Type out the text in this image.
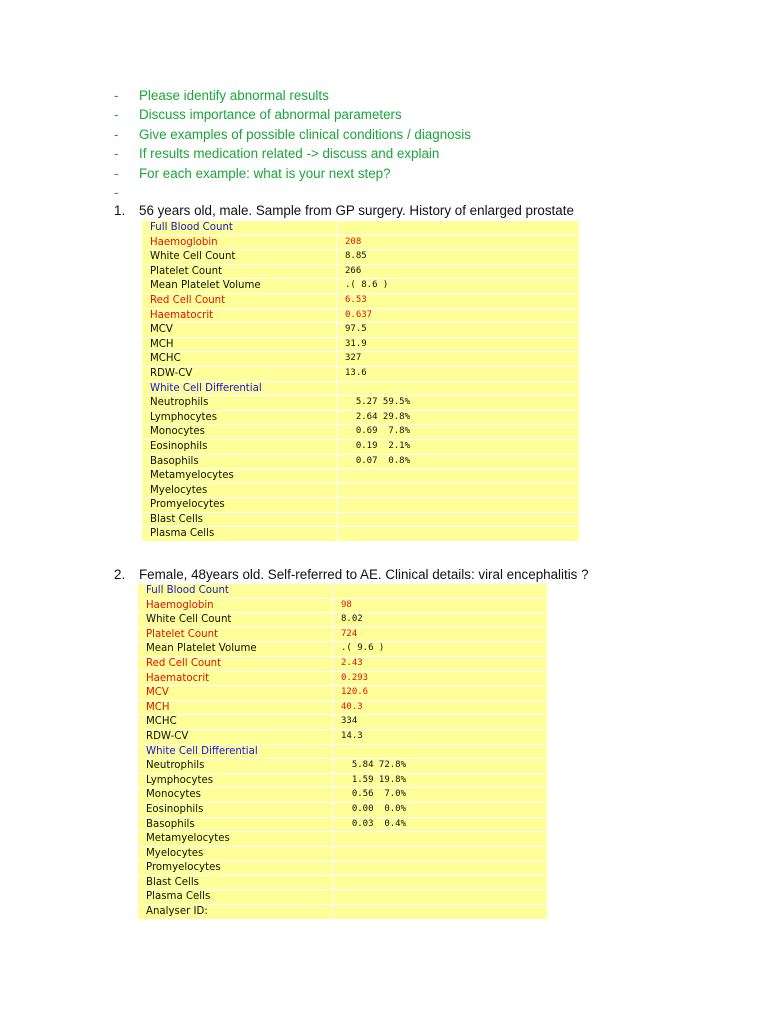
- Please identify abnormal results
- Discuss importance of abnormal parameters
- Give examples of possible clinical conditions / diagnosis
- If results medication related -> discuss and explain
- For each example: what is your next step?
-
1. 56 years old, male. Sample from GP surgery. History of enlarged prostate
Full Blood Count	
Haemoglobin	208
White Cell Count	8.85
Platelet Count	266
Mean Platelet Volume	.( 8.6 )
Red Cell Count	6.53
Haematocrit	0.637
MCV	97.5
MCH	31.9
MCHC	327
RDW-CV	13.6
White Cell Differential	
Neutrophils	5.27 59.5%
Lymphocytes	2.64 29.8%
Monocytes	0.69  7.8%
Eosinophils	0.19  2.1%
Basophils	0.07  0.8%
Metamyelocytes	
Myelocytes	
Promyelocytes	
Blast Cells	
Plasma Cells	
2. Female, 48years old. Self-referred to AE. Clinical details: viral encephalitis ?
Full Blood Count	
Haemoglobin	98
White Cell Count	8.02
Platelet Count	724
Mean Platelet Volume	.( 9.6 )
Red Cell Count	2.43
Haematocrit	0.293
MCV	120.6
MCH	40.3
MCHC	334
RDW-CV	14.3
White Cell Differential	
Neutrophils	5.84 72.8%
Lymphocytes	1.59 19.8%
Monocytes	0.56  7.0%
Eosinophils	0.00  0.0%
Basophils	0.03  0.4%
Metamyelocytes	
Myelocytes	
Promyelocytes	
Blast Cells	
Plasma Cells	
Analyser ID:	
